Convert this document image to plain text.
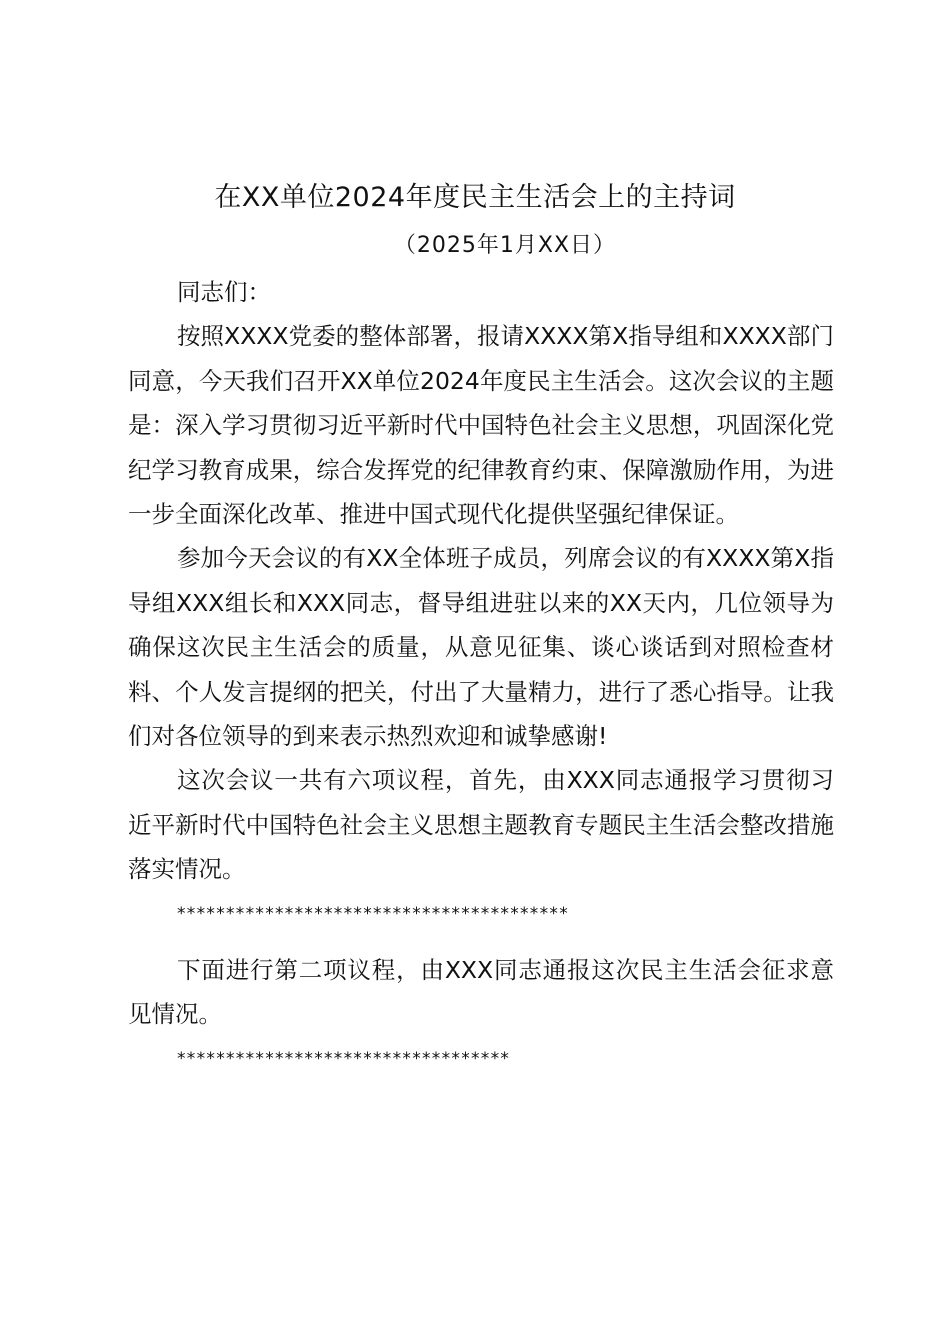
在XX单位2024年度民主生活会上的主持词
（2025年1月XX日）

同志们：

按照XXXX党委的整体部署，报请XXXX第X指导组和XXXX部门同意，今天我们召开XX单位2024年度民主生活会。这次会议的主题是：深入学习贯彻习近平新时代中国特色社会主义思想，巩固深化党纪学习教育成果，综合发挥党的纪律教育约束、保障激励作用，为进一步全面深化改革、推进中国式现代化提供坚强纪律保证。

参加今天会议的有XX全体班子成员，列席会议的有XXXX第X指导组XXX组长和XXX同志，督导组进驻以来的XX天内，几位领导为确保这次民主生活会的质量，从意见征集、谈心谈话到对照检查材料、个人发言提纲的把关，付出了大量精力，进行了悉心指导。让我们对各位领导的到来表示热烈欢迎和诚挚感谢!

这次会议一共有六项议程，首先，由XXX同志通报学习贯彻习近平新时代中国特色社会主义思想主题教育专题民主生活会整改措施落实情况。

****************************************

下面进行第二项议程，由XXX同志通报这次民主生活会征求意见情况。

**********************************
